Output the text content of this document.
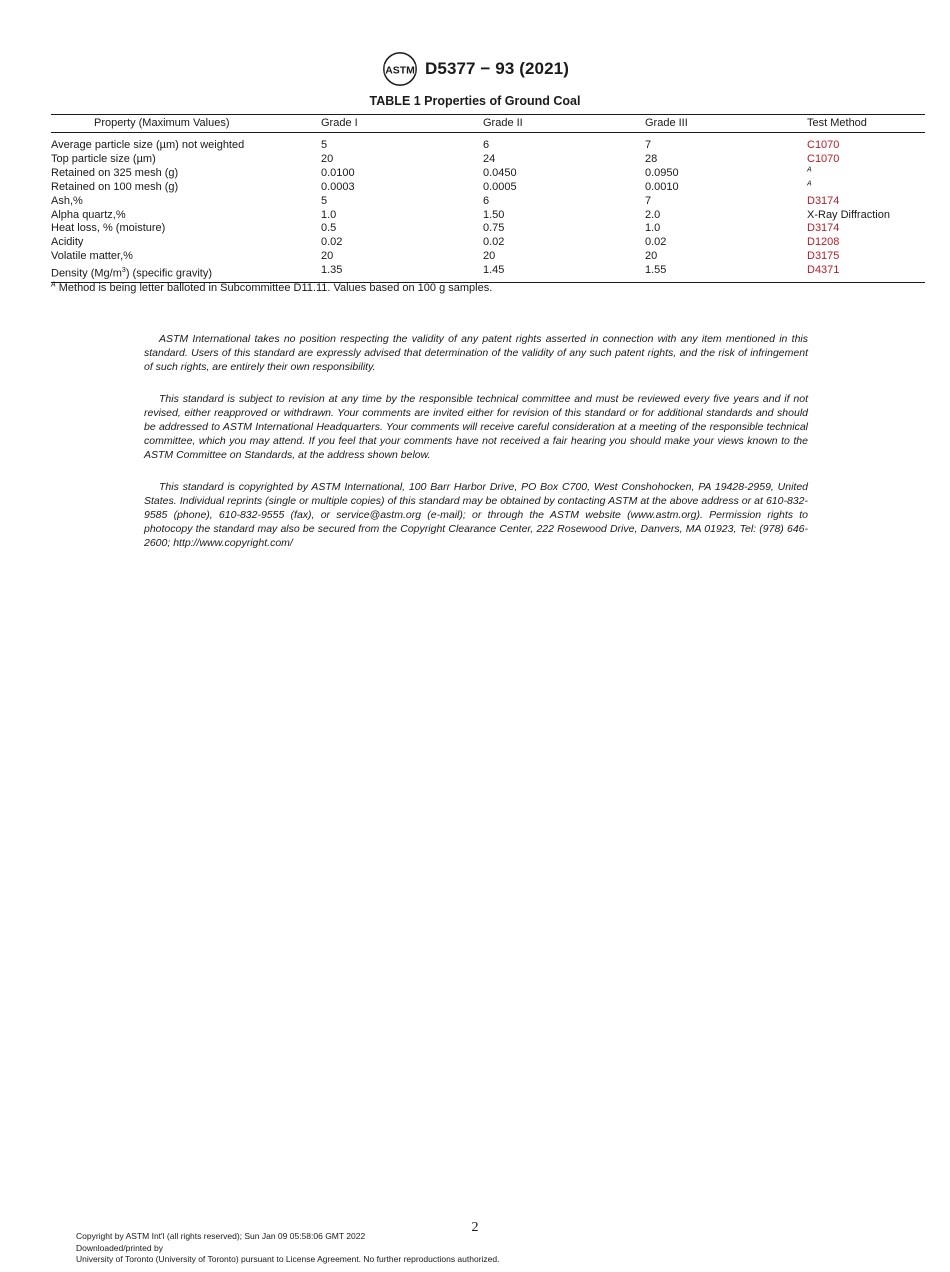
ASTM D5377 − 93 (2021)
TABLE 1 Properties of Ground Coal
Property (Maximum Values)	Grade I	Grade II	Grade III	Test Method
Average particle size (µm) not weighted	5	6	7	C1070
Top particle size (µm)	20	24	28	C1070
Retained on 325 mesh (g)	0.0100	0.0450	0.0950	$^A$
Retained on 100 mesh (g)	0.0003	0.0005	0.0010	$^A$
Ash,%	5	6	7	D3174
Alpha quartz,%	1.0	1.50	2.0	X-Ray Diffraction
Heat loss, % (moisture)	0.5	0.75	1.0	D3174
Acidity	0.02	0.02	0.02	D1208
Volatile matter,%	20	20	20	D3175
Density $(Mg/m^3)$ (specific gravity)	1.35	1.45	1.55	D4371
$^A$ Method is being letter balloted in Subcommittee D11.11. Values based on 100 g samples.

ASTM International takes no position respecting the validity of any patent rights asserted in connection with any item mentioned in this standard. Users of this standard are expressly advised that determination of the validity of any such patent rights, and the risk of infringement of such rights, are entirely their own responsibility.

This standard is subject to revision at any time by the responsible technical committee and must be reviewed every five years and if not revised, either reapproved or withdrawn. Your comments are invited either for revision of this standard or for additional standards and should be addressed to ASTM International Headquarters. Your comments will receive careful consideration at a meeting of the responsible technical committee, which you may attend. If you feel that your comments have not received a fair hearing you should make your views known to the ASTM Committee on Standards, at the address shown below.

This standard is copyrighted by ASTM International, 100 Barr Harbor Drive, PO Box C700, West Conshohocken, PA 19428-2959, United States. Individual reprints (single or multiple copies) of this standard may be obtained by contacting ASTM at the above address or at 610-832-9585 (phone), 610-832-9555 (fax), or service@astm.org (e-mail); or through the ASTM website (www.astm.org). Permission rights to photocopy the standard may also be secured from the Copyright Clearance Center, 222 Rosewood Drive, Danvers, MA 01923, Tel: (978) 646-2600; http://www.copyright.com/

2
Copyright by ASTM Int'l (all rights reserved); Sun Jan 09 05:58:06 GMT 2022
Downloaded/printed by
University of Toronto (University of Toronto) pursuant to License Agreement. No further reproductions authorized.
